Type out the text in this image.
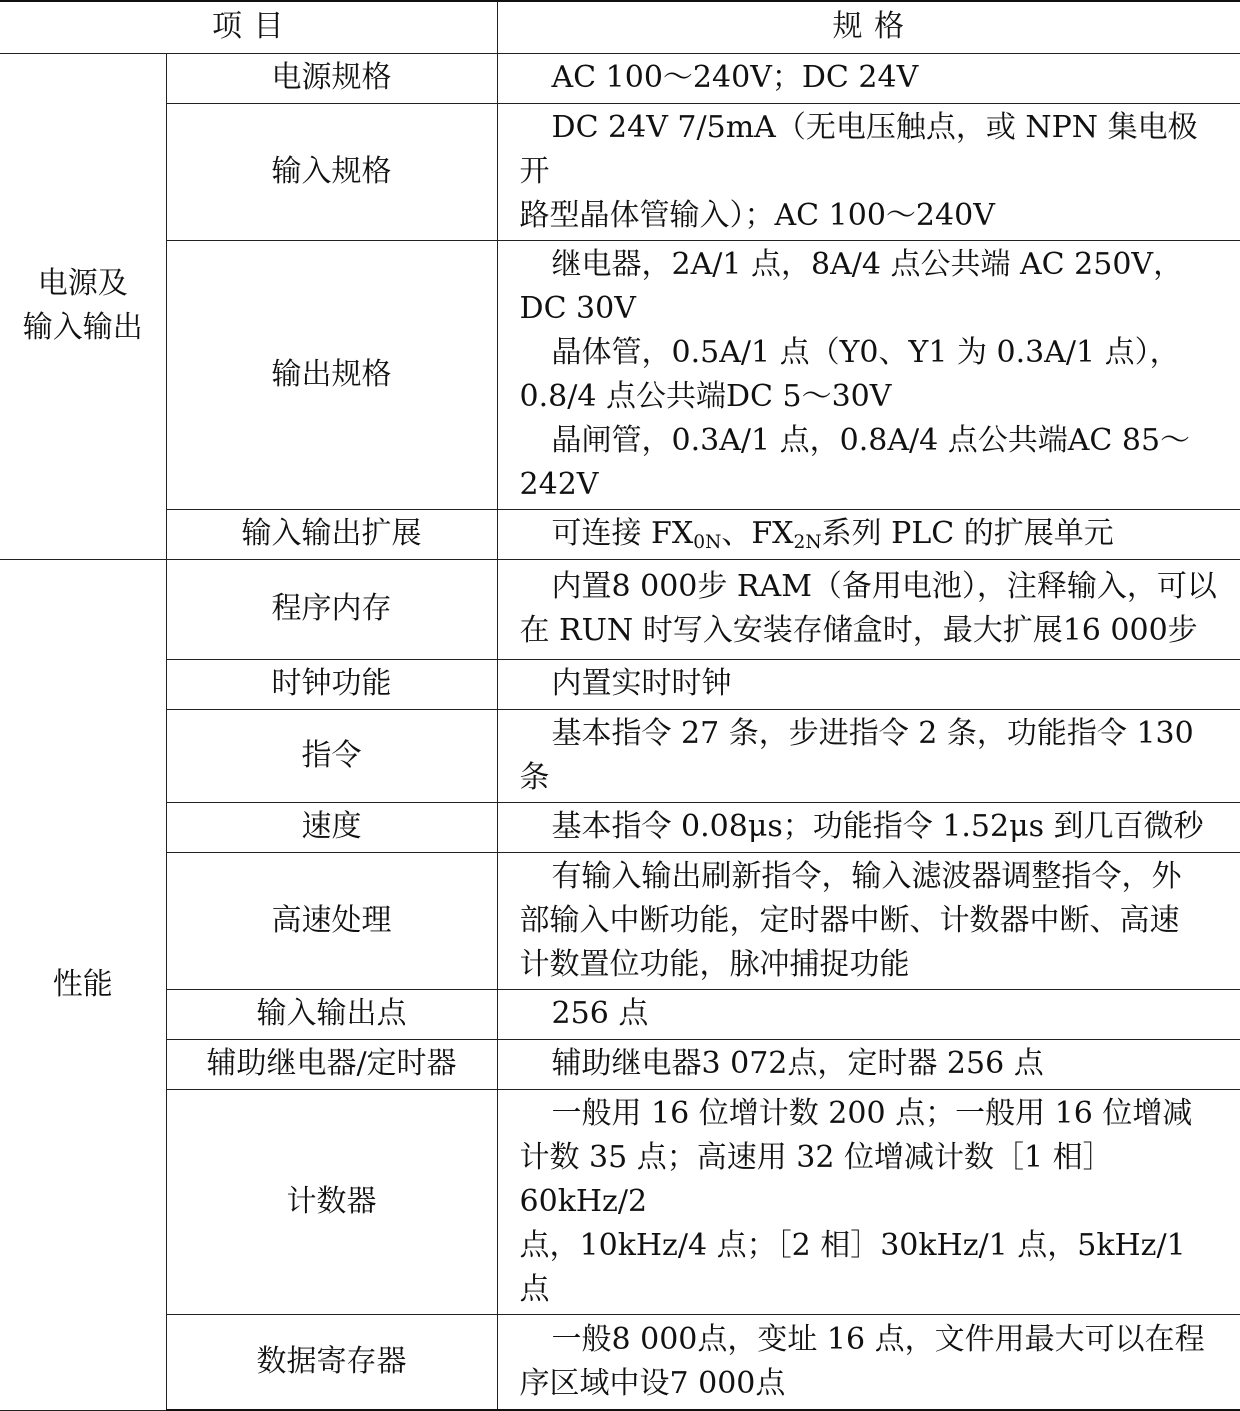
项 目		规 格
电源及
输入输出	电源规格	AC 100～240V；DC 24V

	输入规格	DC 24V 7/5mA（无电压触点，或 NPN 集电极开
路型晶体管输入）；AC 100～240V

	输出规格	继电器，2A/1 点，8A/4 点公共端 AC 250V，
DC 30V
晶体管，0.5A/1 点（Y0、Y1 为 0.3A/1 点），
0.8/4 点公共端DC 5～30V
晶闸管，0.3A/1 点，0.8A/4 点公共端AC 85～242V

	输入输出扩展	可连接 $FX_{0N}$、$FX_{2N}$系列 PLC 的扩展单元

性能	程序内存	内置8 000步 RAM（备用电池），注释输入，可以
在 RUN 时写入安装存储盒时，最大扩展16 000步

	时钟功能	内置实时时钟

	指令	基本指令 27 条，步进指令 2 条，功能指令 130 条

	速度	基本指令 0.08μs；功能指令 1.52μs 到几百微秒

	高速处理	有输入输出刷新指令，输入滤波器调整指令，外
部输入中断功能，定时器中断、计数器中断、高速
计数置位功能，脉冲捕捉功能

	输入输出点	256 点

	辅助继电器/定时器	辅助继电器3 072点，定时器 256 点

	计数器	一般用 16 位增计数 200 点；一般用 16 位增减
计数 35 点；高速用 32 位增减计数［1 相］60kHz/2
点，10kHz/4 点；［2 相］30kHz/1 点，5kHz/1 点

	数据寄存器	一般8 000点，变址 16 点，文件用最大可以在程
序区域中设7 000点
